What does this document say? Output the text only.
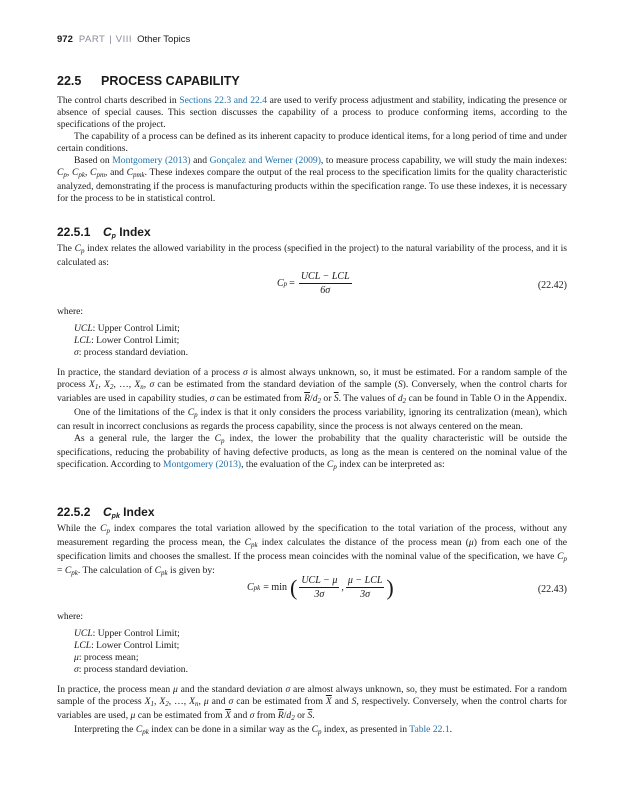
972 PART | VIII Other Topics
22.5 PROCESS CAPABILITY

The control charts described in Sections 22.3 and 22.4 are used to verify process adjustment and stability, indicating the presence or absence of special causes. This section discusses the capability of a process to produce conforming items, according to the specifications of the project.

The capability of a process can be defined as its inherent capacity to produce identical items, for a long period of time and under certain conditions.

Based on Montgomery (2013) and Gonçalez and Werner (2009), to measure process capability, we will study the main indexes: $C_p$, $C_{pk}$, $C_{pm}$, and $C_{pmk}$. These indexes compare the output of the real process to the specification limits for the quality characteristic analyzed, demonstrating if the process is manufacturing products within the specification range. To use these indexes, it is necessary for the process to be in statistical control.

22.5.1 $C_p$ Index

The $C_p$ index relates the allowed variability in the process (specified in the project) to the natural variability of the process, and it is calculated as:

C $p = \frac{\text{UCL − LCL}}{6\sigma}$	(22.42)

where:

UCL: Upper Control Limit;

LCL: Lower Control Limit;

σ: process standard deviation.

In practice, the standard deviation of a process σ is almost always unknown, so, it must be estimated. For a random sample of the process $X_1$, $X_2$, …, $X_n$, σ can be estimated from the standard deviation of the sample (S). Conversely, when the control charts for variables are used in capability studies, σ can be estimated from $\overline{R}/d_2$ or $\overline{S}$. The values of $d_2$ can be found in Table O in the Appendix.

One of the limitations of the $C_p$ index is that it only considers the process variability, ignoring its centralization (mean), which can result in incorrect conclusions as regards the process capability, since the process is not always centered on the mean.

As a general rule, the larger the $C_p$ index, the lower the probability that the quality characteristic will be outside the specifications, reducing the probability of having defective products, as long as the mean is centered on the nominal value of the specification. According to Montgomery (2013), the evaluation of the $C_p$ index can be interpreted as:

22.5.2 $C_{pk}$ Index

While the $C_p$ index compares the total variation allowed by the specification to the total variation of the process, without any measurement regarding the process mean, the $C_{pk}$ index calculates the distance of the process mean (μ) from each one of the specification limits and chooses the smallest. If the process mean coincides with the nominal value of the specification, we have $C_p = C_{pk}$. The calculation of $C_{pk}$ is given by:

C pk = min ( $\frac{\text{UCL − μ}}{3\sigma}$ , $\frac{\text{μ − LCL}}{3\sigma}$ )	(22.43)

where:

UCL: Upper Control Limit;

LCL: Lower Control Limit;

μ: process mean;

σ: process standard deviation.

In practice, the process mean μ and the standard deviation σ are almost always unknown, so, they must be estimated. For a random sample of the process $X_1$, $X_2$, …, $X_n$, μ and σ can be estimated from $\overline{X}$ and S, respectively. Conversely, when the control charts for variables are used, μ can be estimated from $\overline{X}$ and σ from $\overline{R}/d_2$ or $\overline{S}$.

Interpreting the $C_{pk}$ index can be done in a similar way as the $C_p$ index, as presented in Table 22.1.
